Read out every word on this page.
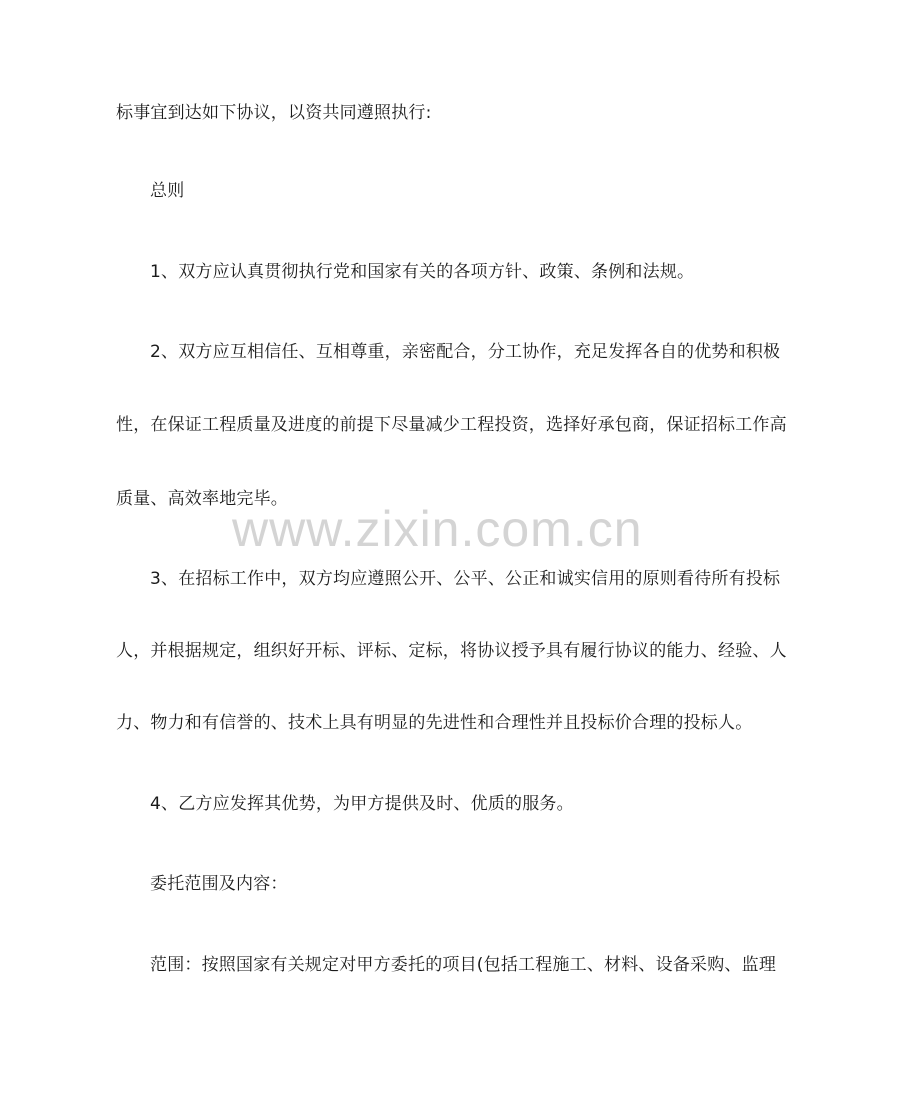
标事宜到达如下协议，以资共同遵照执行:
总则
1、双方应认真贯彻执行党和国家有关的各项方针、政策、条例和法规。
2、双方应互相信任、互相尊重，亲密配合，分工协作，充足发挥各自的优势和积极
性，在保证工程质量及进度的前提下尽量减少工程投资，选择好承包商，保证招标工作高
质量、高效率地完毕。
3、在招标工作中，双方均应遵照公开、公平、公正和诚实信用的原则看待所有投标
人，并根据规定，组织好开标、评标、定标，将协议授予具有履行协议的能力、经验、人
力、物力和有信誉的、技术上具有明显的先进性和合理性并且投标价合理的投标人。
4、乙方应发挥其优势，为甲方提供及时、优质的服务。
委托范围及内容：
范围：按照国家有关规定对甲方委托的项目(包括工程施工、材料、设备采购、监理
www.zixin.com.cn
